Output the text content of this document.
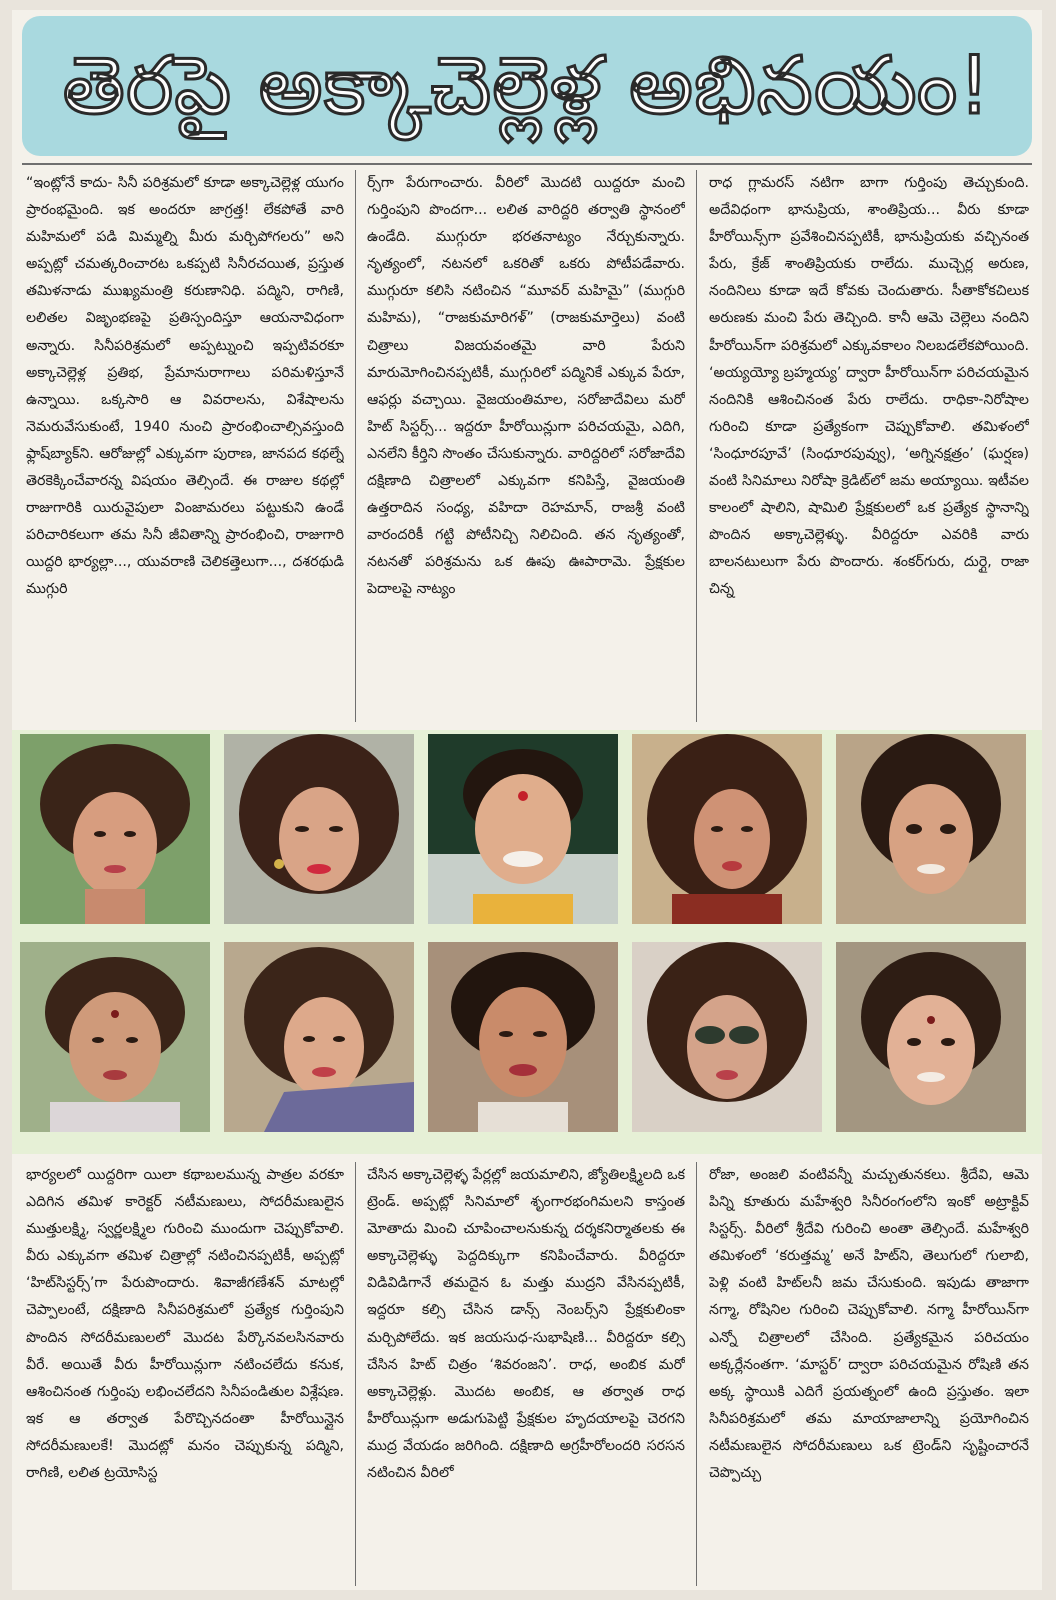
తెరపై అక్కాచెల్లెళ్ల అభినయం!
“ఇంట్లోనే కాదు- సినీ పరిశ్రమలో కూడా అక్కాచెల్లెళ్ల యుగం ప్రారంభమైంది. ఇక అందరూ జాగ్రత్త! లేకపోతే వారి మహిమలో పడి మిమ్మల్ని మీరు మర్చిపోగలరు” అని అప్పట్లో చమత్కరించారట ఒకప్పటి సినీరచయిత, ప్రస్తుత తమిళనాడు ముఖ్యమంత్రి కరుణానిధి. పద్మిని, రాగిణి, లలితల విజృంభణపై ప్రతిస్పందిస్తూ ఆయనావిధంగా అన్నారు. సినీపరిశ్రమలో అప్పట్నుంచి ఇప్పటివరకూ అక్కాచెల్లెళ్ల ప్రతిభ, ప్రేమానురాగాలు పరిమళిస్తూనే ఉన్నాయి. ఒక్కసారి ఆ వివరాలను, విశేషాలను నెమరువేసుకుంటే, 1940 నుంచి ప్రారంభించాల్సివస్తుంది ఫ్లాష్‌బ్యాక్‌ని. ఆరోజుల్లో ఎక్కువగా పురాణ, జానపద కథల్నే తెరకెక్కించేవారన్న విషయం తెల్సిందే. ఈ రాజుల కథల్లో రాజుగారికి యిరువైపులా వింజామరలు పట్టుకుని ఉండే పరిచారికలుగా తమ సినీ జీవితాన్ని ప్రారంభించి, రాజుగారి యిద్దరి భార్యల్లా..., యువరాణి చెలికత్తెలుగా..., దశరథుడి ముగ్గురి
ర్స్‌గా పేరుగాంచారు. వీరిలో మొదటి యిద్దరూ మంచి గుర్తింపుని పొందగా... లలిత వారిద్దరి తర్వాతి స్థానంలో ఉండేది. ముగ్గురూ భరతనాట్యం నేర్చుకున్నారు. నృత్యంలో, నటనలో ఒకరితో ఒకరు పోటీపడేవారు. ముగ్గురూ కలిసి నటించిన “మూవర్ మహిమై” (ముగ్గురి మహిమ), “రాజకుమారిగళ్” (రాజకుమార్తెలు) వంటి చిత్రాలు విజయవంతమై వారి పేరుని మారుమోగించినప్పటికీ, ముగ్గురిలో పద్మినికే ఎక్కువ పేరూ, ఆఫర్లు వచ్చాయి. వైజయంతిమాల, సరోజాదేవిలు మరో హిట్ సిస్టర్స్... ఇద్దరూ హీరోయిన్లుగా పరిచయమై, ఎదిగి, ఎనలేని కీర్తిని సొంతం చేసుకున్నారు. వారిద్దరిలో సరోజాదేవి దక్షిణాది చిత్రాలలో ఎక్కువగా కనిపిస్తే, వైజయంతి ఉత్తరాదిన సంధ్య, వహిదా రెహమాన్, రాజశ్రీ వంటి వారందరికీ గట్టి పోటీనిచ్చి నిలిచింది. తన నృత్యంతో, నటనతో పరిశ్రమను ఒక ఊపు ఊపారామె. ప్రేక్షకుల పెదాలపై నాట్యం
రాధ గ్లామరస్ నటిగా బాగా గుర్తింపు తెచ్చుకుంది. అదేవిధంగా భానుప్రియ, శాంతిప్రియ... వీరు కూడా హీరోయిన్స్‌గా ప్రవేశించినప్పటికీ, భానుప్రియకు వచ్చినంత పేరు, క్రేజ్ శాంతిప్రియకు రాలేదు. ముచ్చెర్ల అరుణ, నందినిలు కూడా ఇదే కోవకు చెందుతారు. సీతాకోకచిలుక అరుణకు మంచి పేరు తెచ్చింది. కానీ ఆమె చెల్లెలు నందిని హీరోయిన్‌గా పరిశ్రమలో ఎక్కువకాలం నిలబడలేకపోయింది. ‘అయ్యయ్యో బ్రహ్మయ్య’ ద్వారా హీరోయిన్‌గా పరిచయమైన నందినికి ఆశించినంత పేరు రాలేదు. రాధికా-నిరోషాల గురించి కూడా ప్రత్యేకంగా చెప్పుకోవాలి. తమిళంలో ‘సింధూరపూవే’ (సింధూరపువ్వు), ‘అగ్నినక్షత్రం’ (ఘర్షణ) వంటి సినిమాలు నిరోషా క్రెడిట్‌లో జమ అయ్యాయి. ఇటీవల కాలంలో షాలిని, షామిలి ప్రేక్షకులలో ఒక ప్రత్యేక స్థానాన్ని పొందిన అక్కాచెల్లెళ్ళు. వీరిద్దరూ ఎవరికి వారు బాలనటులుగా పేరు పొందారు. శంకర్‌గురు, దుర్గై, రాజా చిన్న
భార్యలలో యిద్దరిగా యిలా కథాబలమున్న పాత్రల వరకూ ఎదిగిన తమిళ కారెక్టర్ నటీమణులు, సోదరీమణులైన ముత్తులక్ష్మి, స్వర్ణలక్ష్మిల గురించి ముందుగా చెప్పుకోవాలి. వీరు ఎక్కువగా తమిళ చిత్రాల్లో నటించినప్పటికీ, అప్పట్లో ‘హిట్‌సిస్టర్స్’గా పేరుపొందారు. శివాజీగణేశన్ మాటల్లో చెప్పాలంటే, దక్షిణాది సినీపరిశ్రమలో ప్రత్యేక గుర్తింపుని పొందిన సోదరీమణులలో మొదట పేర్కొనవలసినవారు వీరే. అయితే వీరు హీరోయిన్లుగా నటించలేదు కనుక, ఆశించినంత గుర్తింపు లభించలేదని సినీపండితుల విశ్లేషణ. ఇక ఆ తర్వాత పేరొచ్చినదంతా హీరోయిన్లైన సోదరీమణులకే! మొదట్లో మనం చెప్పుకున్న పద్మిని, రాగిణి, లలిత ట్రయోసిస్ట
చేసిన అక్కాచెల్లెళ్ళ పేర్లల్లో జయమాలిని, జ్యోతిలక్ష్మిలది ఒక ట్రెండ్. అప్పట్లో సినిమాలో శృంగారభంగిమలని కాస్తంత మోతాదు మించి చూపించాలనుకున్న దర్శకనిర్మాతలకు ఈ అక్కాచెల్లెళ్ళు పెద్దదిక్కుగా కనిపించేవారు. వీరిద్దరూ విడివిడిగానే తమదైన ఓ మత్తు ముద్రని వేసినప్పటికీ, ఇద్దరూ కల్సి చేసిన డాన్స్ నెంబర్స్‌ని ప్రేక్షకులింకా మర్చిపోలేదు. ఇక జయసుధ-సుభాషిణి... వీరిద్దరూ కల్సి చేసిన హిట్ చిత్రం ‘శివరంజని’. రాధ, అంబిక మరో అక్కాచెల్లెళ్లు. మొదట అంబిక, ఆ తర్వాత రాధ హీరోయిన్లుగా అడుగుపెట్టి ప్రేక్షకుల హృదయాలపై చెరగని ముద్ర వేయడం జరిగింది. దక్షిణాది అగ్రహీరోలందరి సరసన నటించిన వీరిలో
రోజా, అంజలి వంటివన్నీ మచ్చుతునకలు. శ్రీదేవి, ఆమె పిన్ని కూతురు మహేశ్వరి సినీరంగంలోని ఇంకో అట్రాక్టివ్ సిస్టర్స్. వీరిలో శ్రీదేవి గురించి అంతా తెల్సిందే. మహేశ్వరి తమిళంలో ‘కరుత్తమ్మ’ అనే హిట్‌ని, తెలుగులో గులాబి, పెళ్లి వంటి హిట్‌లనీ జమ చేసుకుంది. ఇపుడు తాజాగా నగ్మా, రోషినిల గురించి చెప్పుకోవాలి. నగ్మా హీరోయిన్‌గా ఎన్నో చిత్రాలలో చేసింది. ప్రత్యేకమైన పరిచయం అక్కర్లేనంతగా. ‘మాస్టర్’ ద్వారా పరిచయమైన రోషిణి తన అక్క స్థాయికి ఎదిగే ప్రయత్నంలో ఉంది ప్రస్తుతం. ఇలా సినీపరిశ్రమలో తమ మాయాజాలాన్ని ప్రయోగించిన నటీమణులైన సోదరీమణులు ఒక ట్రెండ్‌ని సృష్టించారనే చెప్పొచ్చు
